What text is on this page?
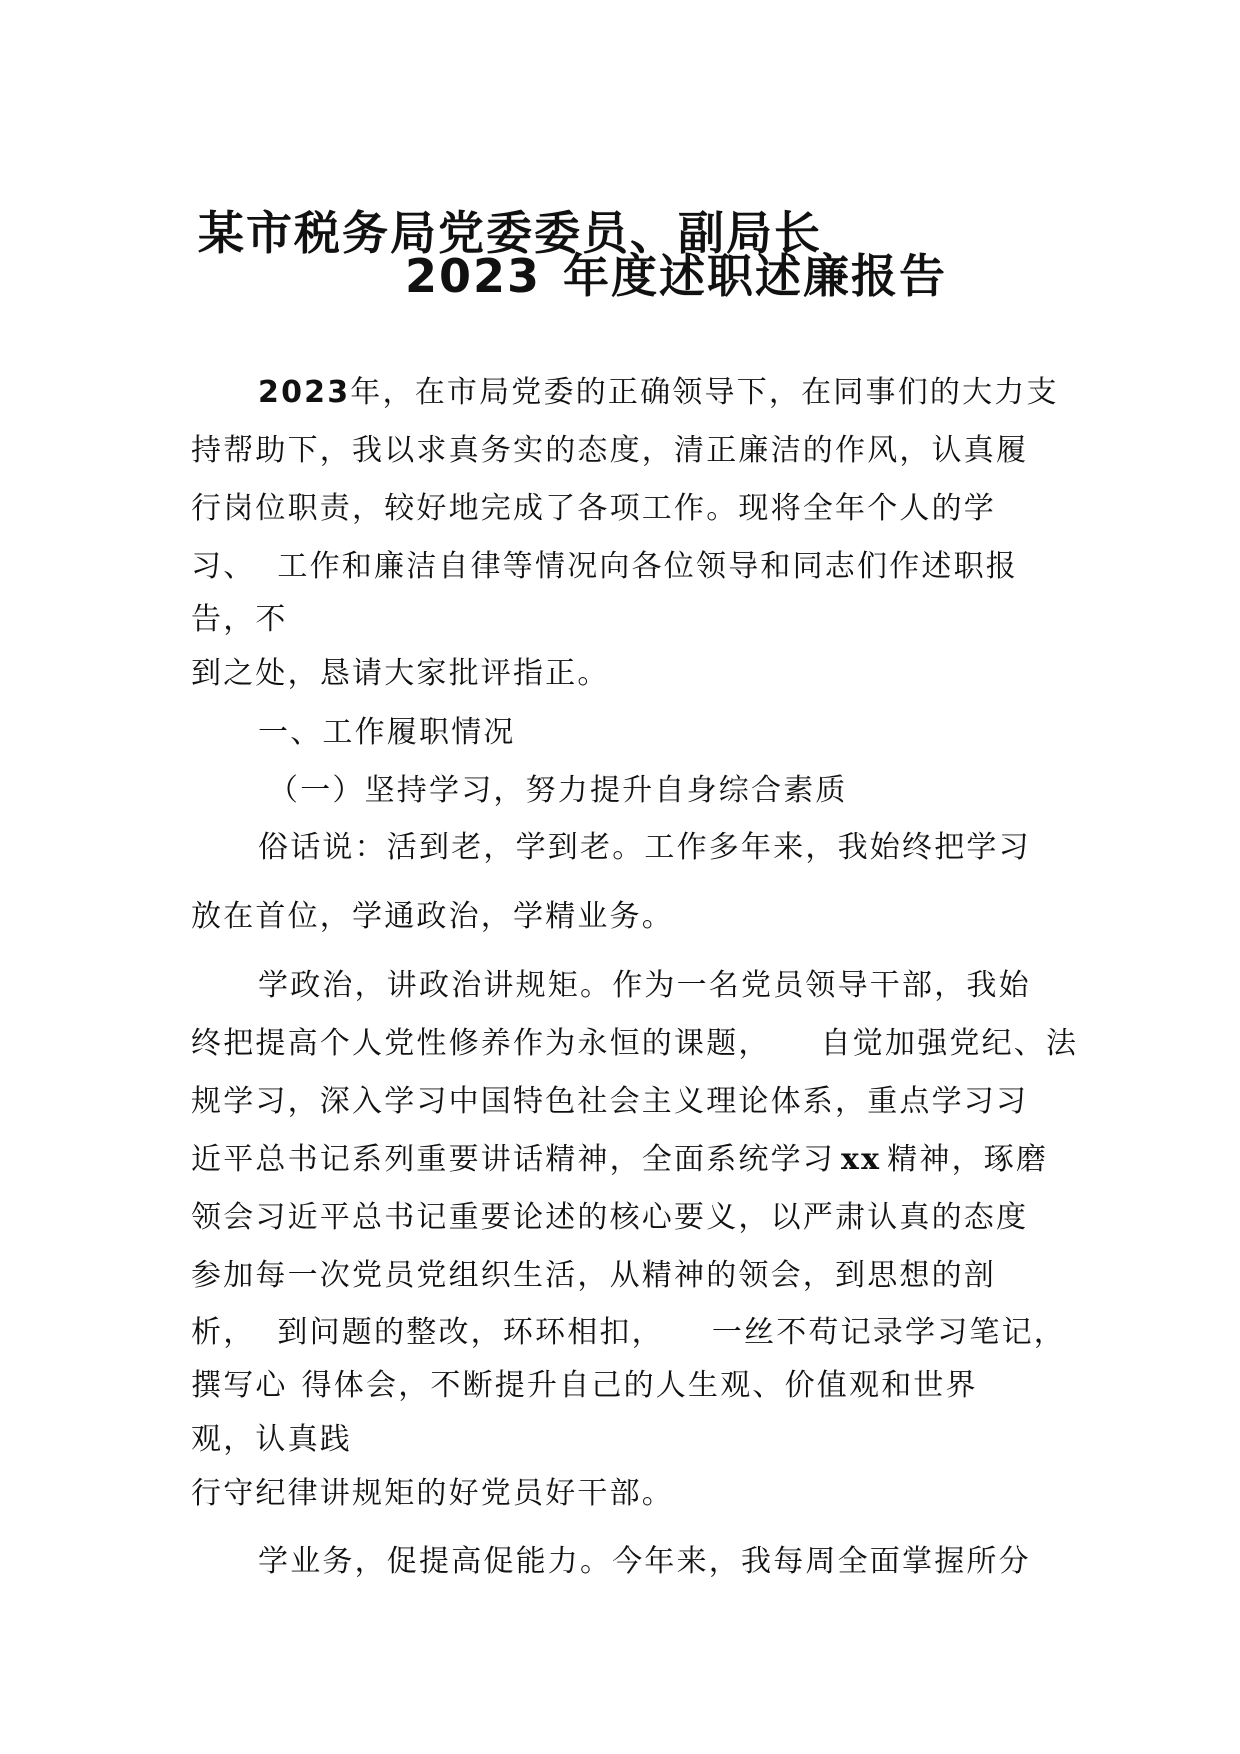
某市税务局党委委员、副局长
2023 年度述职述廉报告

2023年，在市局党委的正确领导下，在同事们的大力支

持帮助下，我以求真务实的态度，清正廉洁的作风，认真履

行岗位职责，较好地完成了各项工作。现将全年个人的学

习、 工作和廉洁自律等情况向各位领导和同志们作述职报

告，不

到之处，恳请大家批评指正。

一、工作履职情况

（一）坚持学习，努力提升自身综合素质

俗话说：活到老，学到老。工作多年来，我始终把学习

放在首位，学通政治，学精业务。

学政治，讲政治讲规矩。作为一名党员领导干部，我始

终把提高个人党性修养作为永恒的课题， 自觉加强党纪、法

规学习，深入学习中国特色社会主义理论体系，重点学习习

近平总书记系列重要讲话精神，全面系统学习 xx 精神，琢磨

领会习近平总书记重要论述的核心要义，以严肃认真的态度

参加每一次党员党组织生活，从精神的领会，到思想的剖

析， 到问题的整改，环环相扣， 一丝不苟记录学习笔记，

撰写心 得体会，不断提升自己的人生观、价值观和世界

观，认真践

行守纪律讲规矩的好党员好干部。

学业务，促提高促能力。今年来，我每周全面掌握所分
